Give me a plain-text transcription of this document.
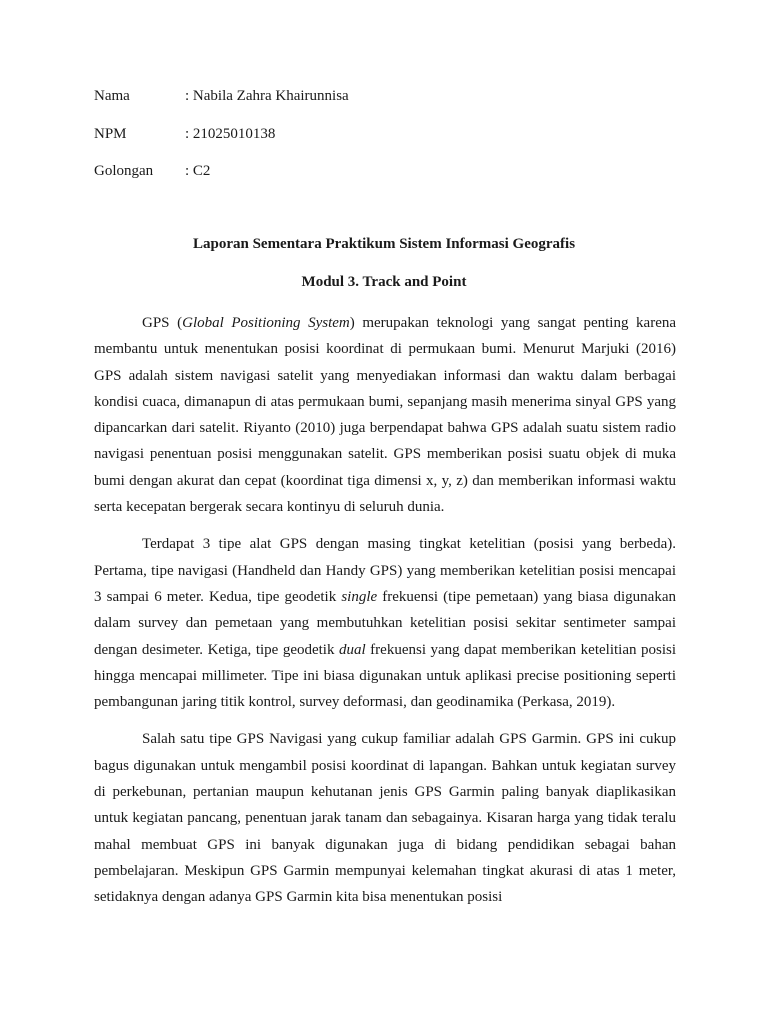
Nama	: Nabila Zahra Khairunnisa
NPM	: 21025010138
Golongan	: C2
Laporan Sementara Praktikum Sistem Informasi Geografis
Modul 3. Track and Point

GPS (Global Positioning System) merupakan teknologi yang sangat penting karena membantu untuk menentukan posisi koordinat di permukaan bumi. Menurut Marjuki (2016) GPS adalah sistem navigasi satelit yang menyediakan informasi dan waktu dalam berbagai kondisi cuaca, dimanapun di atas permukaan bumi, sepanjang masih menerima sinyal GPS yang dipancarkan dari satelit. Riyanto (2010) juga berpendapat bahwa GPS adalah suatu sistem radio navigasi penentuan posisi menggunakan satelit. GPS memberikan posisi suatu objek di muka bumi dengan akurat dan cepat (koordinat tiga dimensi x, y, z) dan memberikan informasi waktu serta kecepatan bergerak secara kontinyu di seluruh dunia.

Terdapat 3 tipe alat GPS dengan masing tingkat ketelitian (posisi yang berbeda). Pertama, tipe navigasi (Handheld dan Handy GPS) yang memberikan ketelitian posisi mencapai 3 sampai 6 meter. Kedua, tipe geodetik single frekuensi (tipe pemetaan) yang biasa digunakan dalam survey dan pemetaan yang membutuhkan ketelitian posisi sekitar sentimeter sampai dengan desimeter. Ketiga, tipe geodetik dual frekuensi yang dapat memberikan ketelitian posisi hingga mencapai millimeter. Tipe ini biasa digunakan untuk aplikasi precise positioning seperti pembangunan jaring titik kontrol, survey deformasi, dan geodinamika (Perkasa, 2019).

Salah satu tipe GPS Navigasi yang cukup familiar adalah GPS Garmin. GPS ini cukup bagus digunakan untuk mengambil posisi koordinat di lapangan. Bahkan untuk kegiatan survey di perkebunan, pertanian maupun kehutanan jenis GPS Garmin paling banyak diaplikasikan untuk kegiatan pancang, penentuan jarak tanam dan sebagainya. Kisaran harga yang tidak teralu mahal membuat GPS ini banyak digunakan juga di bidang pendidikan sebagai bahan pembelajaran. Meskipun GPS Garmin mempunyai kelemahan tingkat akurasi di atas 1 meter, setidaknya dengan adanya GPS Garmin kita bisa menentukan posisi
